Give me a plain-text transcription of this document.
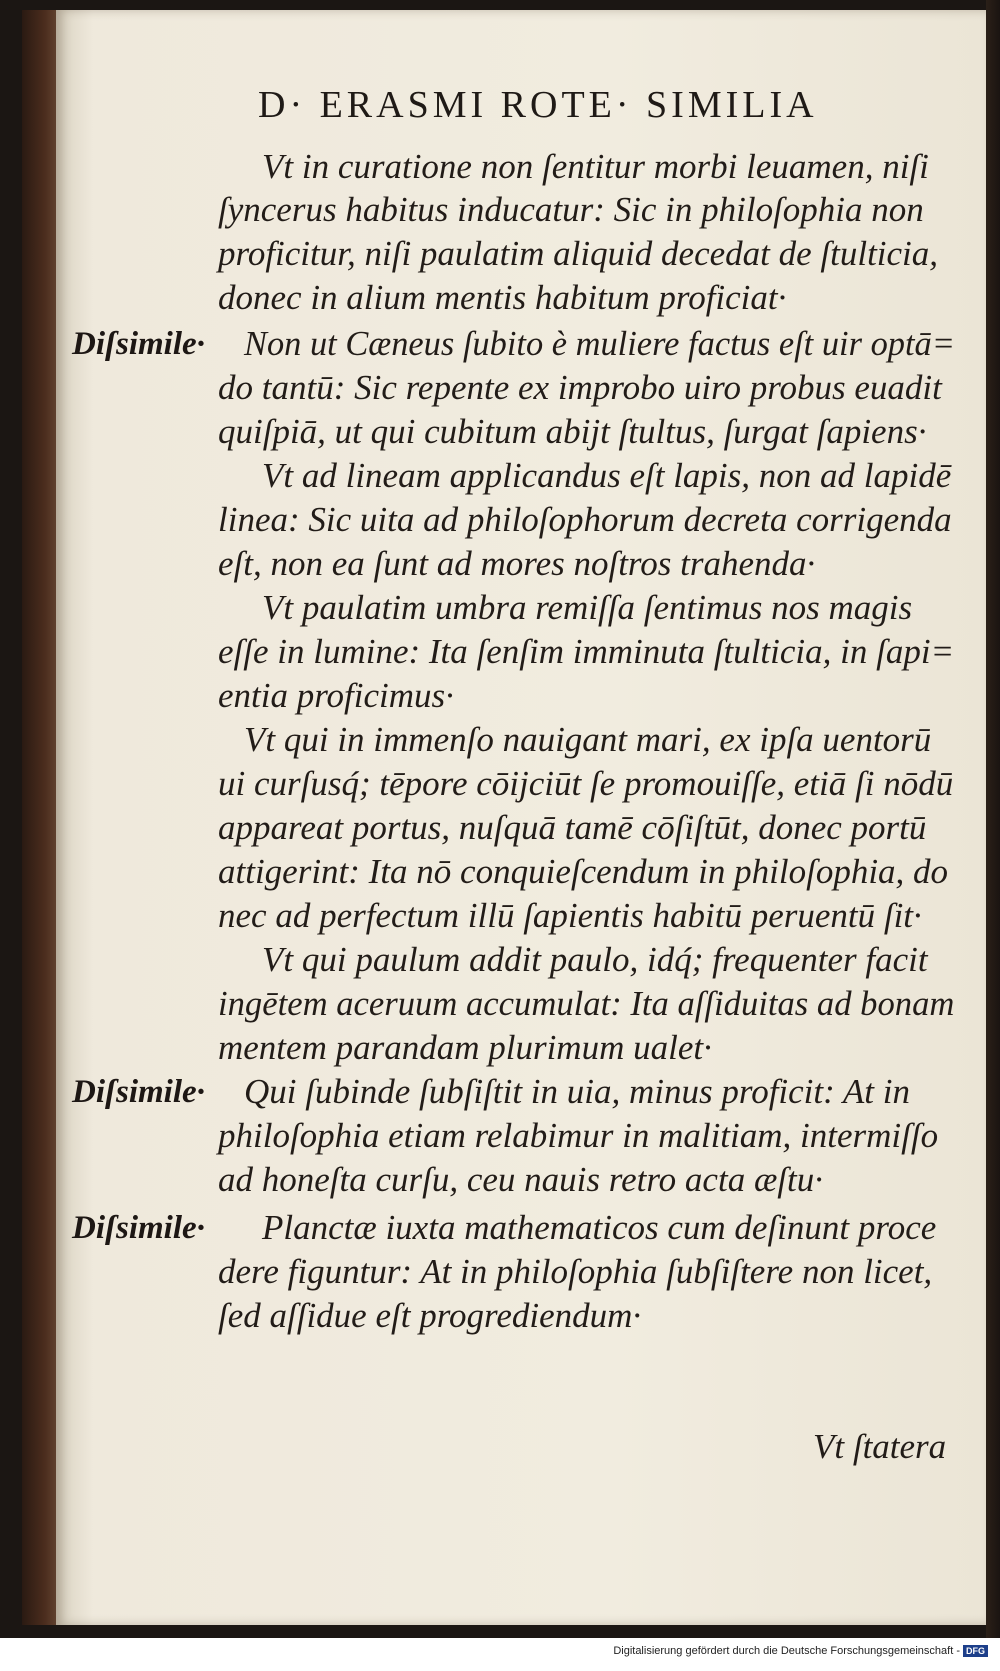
D· ERASMI ROTE· SIMILIA
Vt in curatione non ſentitur morbi leuamen, niſi
ſyncerus habitus inducatur: Sic in philoſophia non
proficitur, niſi paulatim aliquid decedat de ſtulticia,
donec in alium mentis habitum proficiat·
Diſsimile· Non ut Cæneus ſubito è muliere factus eſt uir optā=
do tantū: Sic repente ex improbo uiro probus euadit
quiſpiā, ut qui cubitum abijt ſtultus, ſurgat ſapiens·
Vt ad lineam applicandus eſt lapis, non ad lapidē
linea: Sic uita ad philoſophorum decreta corrigenda
eſt, non ea ſunt ad mores noſtros trahenda·
Vt paulatim umbra remiſſa ſentimus nos magis
eſſe in lumine: Ita ſenſim imminuta ſtulticia, in ſapi=
entia proficimus·
Vt qui in immenſo nauigant mari, ex ipſa uentorū
ui curſusq́; tēpore cōijciūt ſe promouiſſe, etiā ſi nōdū
appareat portus, nuſquā tamē cōſiſtūt, donec portū
attigerint: Ita nō conquieſcendum in philoſophia, do
nec ad perfectum illū ſapientis habitū peruentū ſit·
Vt qui paulum addit paulo, idq́; frequenter facit
ingētem aceruum accumulat: Ita aſſiduitas ad bonam
mentem parandam plurimum ualet·
Diſsimile· Qui ſubinde ſubſiſtit in uia, minus proficit: At in
philoſophia etiam relabimur in malitiam, intermiſſo
ad honeſta curſu, ceu nauis retro acta æſtu·
Diſsimile· Planctæ iuxta mathematicos cum deſinunt proce
dere figuntur: At in philoſophia ſubſiſtere non licet,
ſed aſſidue eſt progrediendum·
Vt ſtatera
Digitalisierung gefördert durch die Deutsche Forschungsgemeinschaft - DFG
